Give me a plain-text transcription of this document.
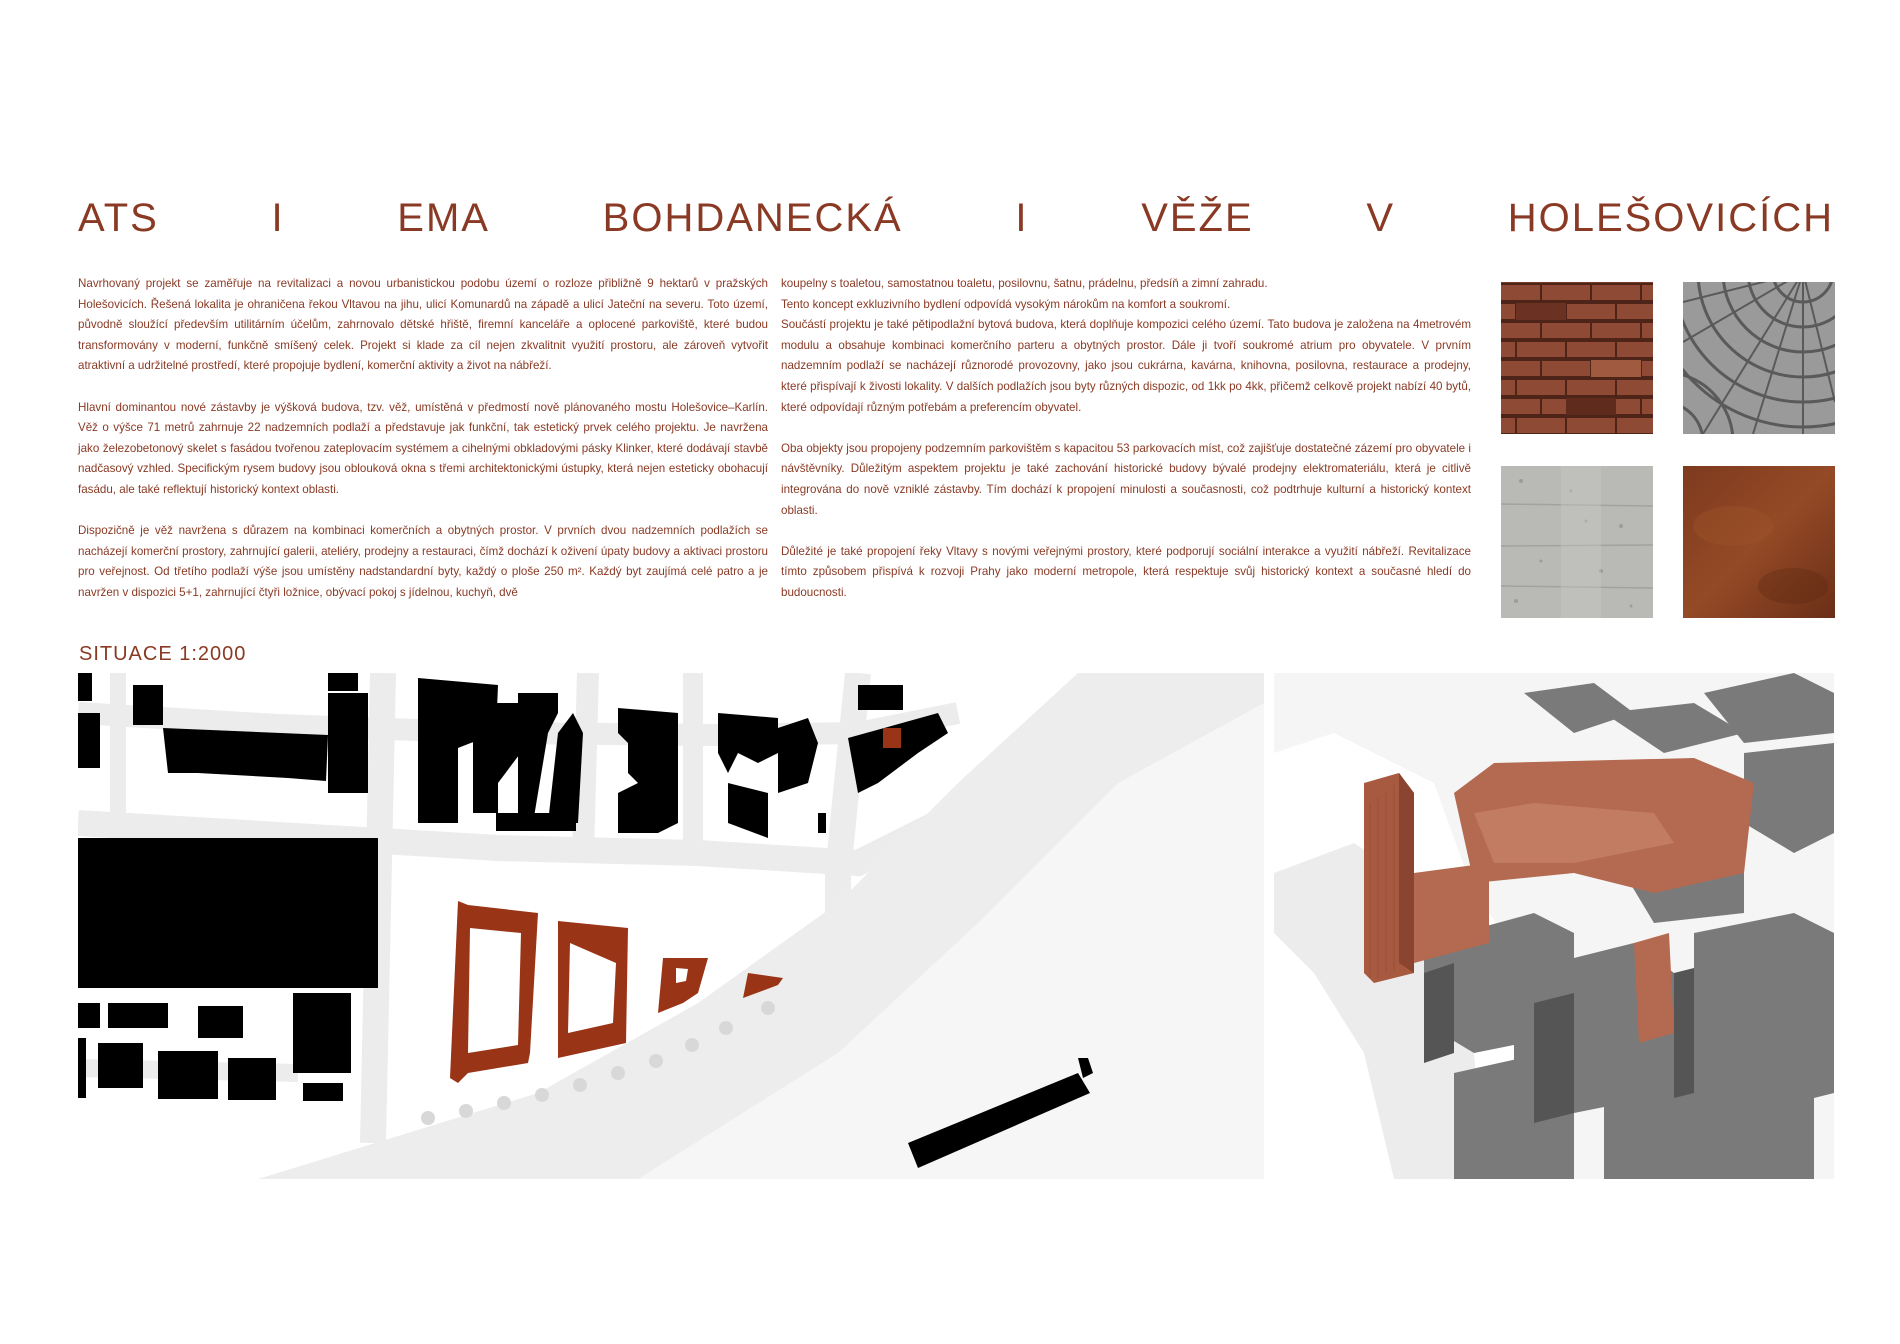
ATS	I	EMA	BOHDANECKÁ	I	VĚŽE	V	HOLEŠOVICÍCH

Navrhovaný projekt se zaměřuje na revitalizaci a novou urbanistickou podobu území o rozloze přibližně 9 hektarů v pražských Holešovicích. Řešená lokalita je ohraničena řekou Vltavou na jihu, ulicí Komunardů na západě a ulicí Jateční na severu. Toto území, původně sloužící především utilitárním účelům, zahrnovalo dětské hřiště, firemní kanceláře a oplocené parkoviště, které budou transformovány v moderní, funkčně smíšený celek. Projekt si klade za cíl nejen zkvalitnit využití prostoru, ale zároveň vytvořit atraktivní a udržitelné prostředí, které propojuje bydlení, komerční aktivity a život na nábřeží.

Hlavní dominantou nové zástavby je výšková budova, tzv. věž, umístěná v předmostí nově plánovaného mostu Holešovice–Karlín. Věž o výšce 71 metrů zahrnuje 22 nadzemních podlaží a představuje jak funkční, tak estetický prvek celého projektu. Je navržena jako železobetonový skelet s fasádou tvořenou zateplovacím systémem a cihelnými obkladovými pásky Klinker, které dodávají stavbě nadčasový vzhled. Specifickým rysem budovy jsou oblouková okna s třemi architektonickými ústupky, která nejen esteticky obohacují fasádu, ale také reflektují historický kontext oblasti.

Dispozičně je věž navržena s důrazem na kombinaci komerčních a obytných prostor. V prvních dvou nadzemních podlažích se nacházejí komerční prostory, zahrnující galerii, ateliéry, prodejny a restauraci, čímž dochází k oživení úpaty budovy a aktivaci prostoru pro veřejnost. Od třetího podlaží výše jsou umístěny nadstandardní byty, každý o ploše 250 m². Každý byt zaujímá celé patro a je navržen v dispozici 5+1, zahrnující čtyři ložnice, obývací pokoj s jídelnou, kuchyň, dvě

koupelny s toaletou, samostatnou toaletu, posilovnu, šatnu, prádelnu, předsíň a zimní zahradu.
Tento koncept exkluzivního bydlení odpovídá vysokým nárokům na komfort a soukromí.
Součástí projektu je také pětipodlažní bytová budova, která doplňuje kompozici celého území. Tato budova je založena na 4metrovém modulu a obsahuje kombinaci komerčního parteru a obytných prostor. Dále ji tvoří soukromé atrium pro obyvatele. V prvním nadzemním podlaží se nacházejí různorodé provozovny, jako jsou cukrárna, kavárna, knihovna, posilovna, restaurace a prodejny, které přispívají k živosti lokality. V dalších podlažích jsou byty různých dispozic, od 1kk po 4kk, přičemž celkově projekt nabízí 40 bytů, které odpovídají různým potřebám a preferencím obyvatel.

Oba objekty jsou propojeny podzemním parkovištěm s kapacitou 53 parkovacích míst, což zajišťuje dostatečné zázemí pro obyvatele i návštěvníky. Důležitým aspektem projektu je také zachování historické budovy bývalé prodejny elektromateriálu, která je citlivě integrována do nově vzniklé zástavby. Tím dochází k propojení minulosti a současnosti, což podtrhuje kulturní a historický kontext oblasti.

Důležité je také propojení řeky Vltavy s novými veřejnými prostory, které podporují sociální interakce a využití nábřeží. Revitalizace tímto způsobem přispívá k rozvoji Prahy jako moderní metropole, která respektuje svůj historický kontext a současné hledí do budoucnosti.

SITUACE 1:2000
